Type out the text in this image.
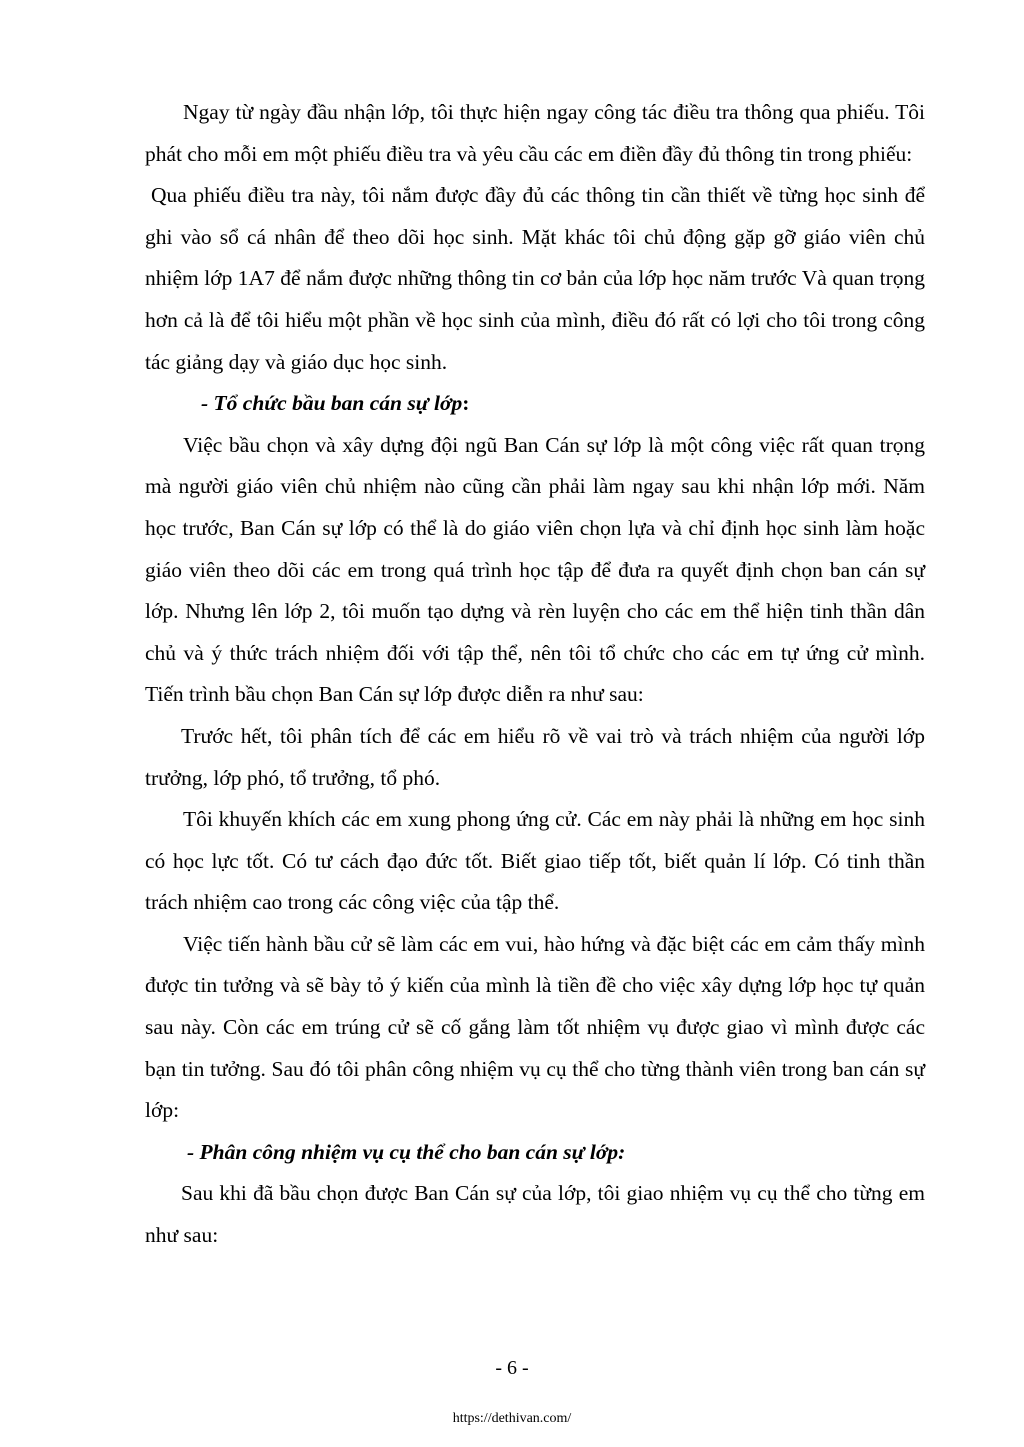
Ngay từ ngày đầu nhận lớp, tôi thực hiện ngay công tác điều tra thông qua phiếu. Tôi phát cho mỗi em một phiếu điều tra và yêu cầu các em điền đầy đủ thông tin trong phiếu:

Qua phiếu điều tra này, tôi nắm được đầy đủ các thông tin cần thiết về từng học sinh để ghi vào sổ cá nhân để theo dõi học sinh. Mặt khác tôi chủ động gặp gỡ giáo viên chủ nhiệm lớp 1A7 để nắm được những thông tin cơ bản của lớp học năm trước Và quan trọng hơn cả là để tôi hiểu một phần về học sinh của mình, điều đó rất có lợi cho tôi trong công tác giảng dạy và giáo dục học sinh.

- Tổ chức bầu ban cán sự lớp:

Việc bầu chọn và xây dựng đội ngũ Ban Cán sự lớp là một công việc rất quan trọng mà người giáo viên chủ nhiệm nào cũng cần phải làm ngay sau khi nhận lớp mới. Năm học trước, Ban Cán sự lớp có thể là do giáo viên chọn lựa và chỉ định học sinh làm hoặc giáo viên theo dõi các em trong quá trình học tập để đưa ra quyết định chọn ban cán sự lớp. Nhưng lên lớp 2, tôi muốn tạo dựng và rèn luyện cho các em thể hiện tinh thần dân chủ và ý thức trách nhiệm đối với tập thể, nên tôi tổ chức cho các em tự ứng cử mình. Tiến trình bầu chọn Ban Cán sự lớp được diễn ra như sau:

Trước hết, tôi phân tích để các em hiểu rõ về vai trò và trách nhiệm của người lớp trưởng, lớp phó, tổ trưởng, tổ phó.

Tôi khuyến khích các em xung phong ứng cử. Các em này phải là những em học sinh có học lực tốt. Có tư cách đạo đức tốt. Biết giao tiếp tốt, biết quản lí lớp. Có tinh thần trách nhiệm cao trong các công việc của tập thể.

Việc tiến hành bầu cử sẽ làm các em vui, hào hứng và đặc biệt các em cảm thấy mình được tin tưởng và sẽ bày tỏ ý kiến của mình là tiền đề cho việc xây dựng lớp học tự quản sau này. Còn các em trúng cử sẽ cố gắng làm tốt nhiệm vụ được giao vì mình được các bạn tin tưởng. Sau đó tôi phân công nhiệm vụ cụ thể cho từng thành viên trong ban cán sự lớp:

- Phân công nhiệm vụ cụ thể cho ban cán sự lớp:

Sau khi đã bầu chọn được Ban Cán sự của lớp, tôi giao nhiệm vụ cụ thể cho từng em như sau:

- 6 -
https://dethivan.com/
